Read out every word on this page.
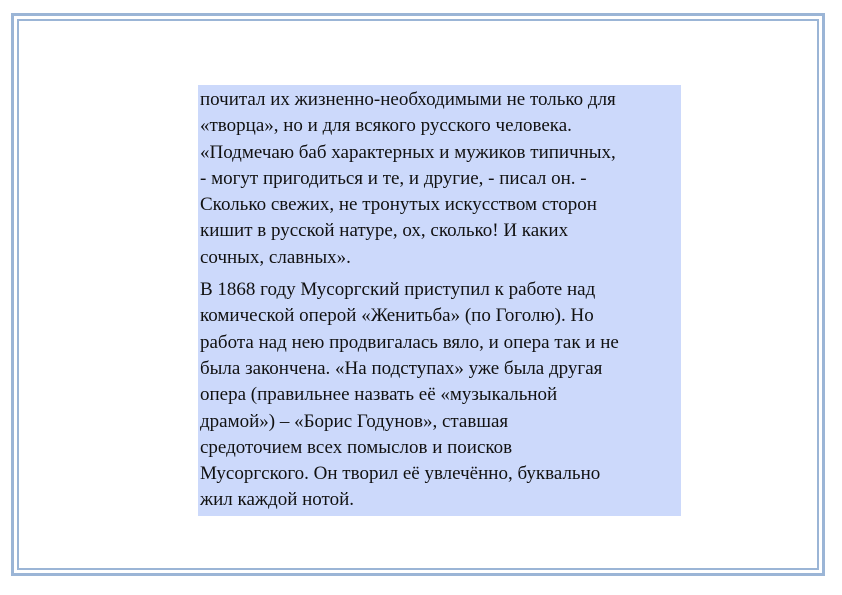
почитал их жизненно-необходимыми не только для
«творца», но и для всякого русского человека.
«Подмечаю баб характерных и мужиков типичных,
- могут пригодиться и те, и другие, - писал он. -
Сколько свежих, не тронутых искусством сторон
кишит в русской натуре, ох, сколько! И каких
сочных, славных».

В 1868 году Мусоргский приступил к работе над
комической оперой «Женитьба» (по Гоголю). Но
работа над нею продвигалась вяло, и опера так и не
была закончена. «На подступах» уже была другая
опера (правильнее назвать её «музыкальной
драмой») – «Борис Годунов», ставшая
средоточием всех помыслов и поисков
Мусоргского. Он творил её увлечённо, буквально
жил каждой нотой.
